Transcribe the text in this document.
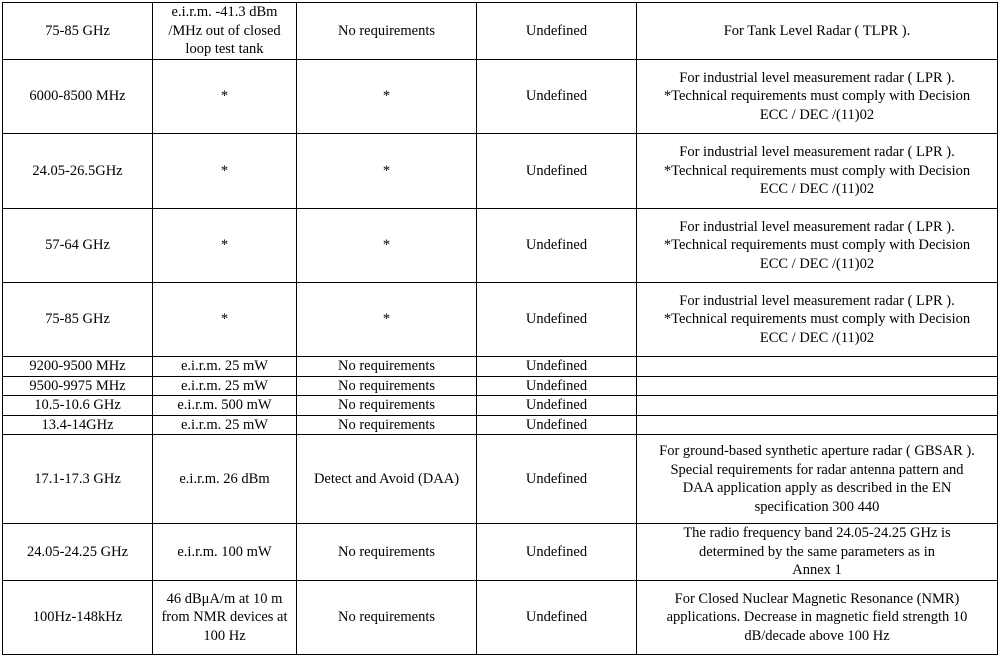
75-85 GHz	e.i.r.m. -41.3 dBm
/MHz out of closed
loop test tank	No requirements	Undefined	For Tank Level Radar ( TLPR ).

6000-8500 MHz	*	*	Undefined	For industrial level measurement radar ( LPR ).
*Technical requirements must comply with Decision
ECC / DEC /(11)02

24.05-26.5GHz	*	*	Undefined	For industrial level measurement radar ( LPR ).
*Technical requirements must comply with Decision
ECC / DEC /(11)02

57-64 GHz	*	*	Undefined	For industrial level measurement radar ( LPR ).
*Technical requirements must comply with Decision
ECC / DEC /(11)02

75-85 GHz	*	*	Undefined	For industrial level measurement radar ( LPR ).
*Technical requirements must comply with Decision
ECC / DEC /(11)02

9200-9500 MHz	e.i.r.m. 25 mW	No requirements	Undefined	
9500-9975 MHz	e.i.r.m. 25 mW	No requirements	Undefined	
10.5-10.6 GHz	e.i.r.m. 500 mW	No requirements	Undefined	
13.4-14GHz	e.i.r.m. 25 mW	No requirements	Undefined	
17.1-17.3 GHz	e.i.r.m. 26 dBm	Detect and Avoid (DAA)	Undefined	For ground-based synthetic aperture radar ( GBSAR ).
Special requirements for radar antenna pattern and
DAA application apply as described in the EN
specification 300 440

24.05-24.25 GHz	e.i.r.m. 100 mW	No requirements	Undefined	The radio frequency band 24.05-24.25 GHz is
determined by the same parameters as in
Annex 1

100Hz-148kHz	46 dBμA/m at 10 m
from NMR devices at
100 Hz	No requirements	Undefined	For Closed Nuclear Magnetic Resonance (NMR)
applications. Decrease in magnetic field strength 10
dB/decade above 100 Hz
